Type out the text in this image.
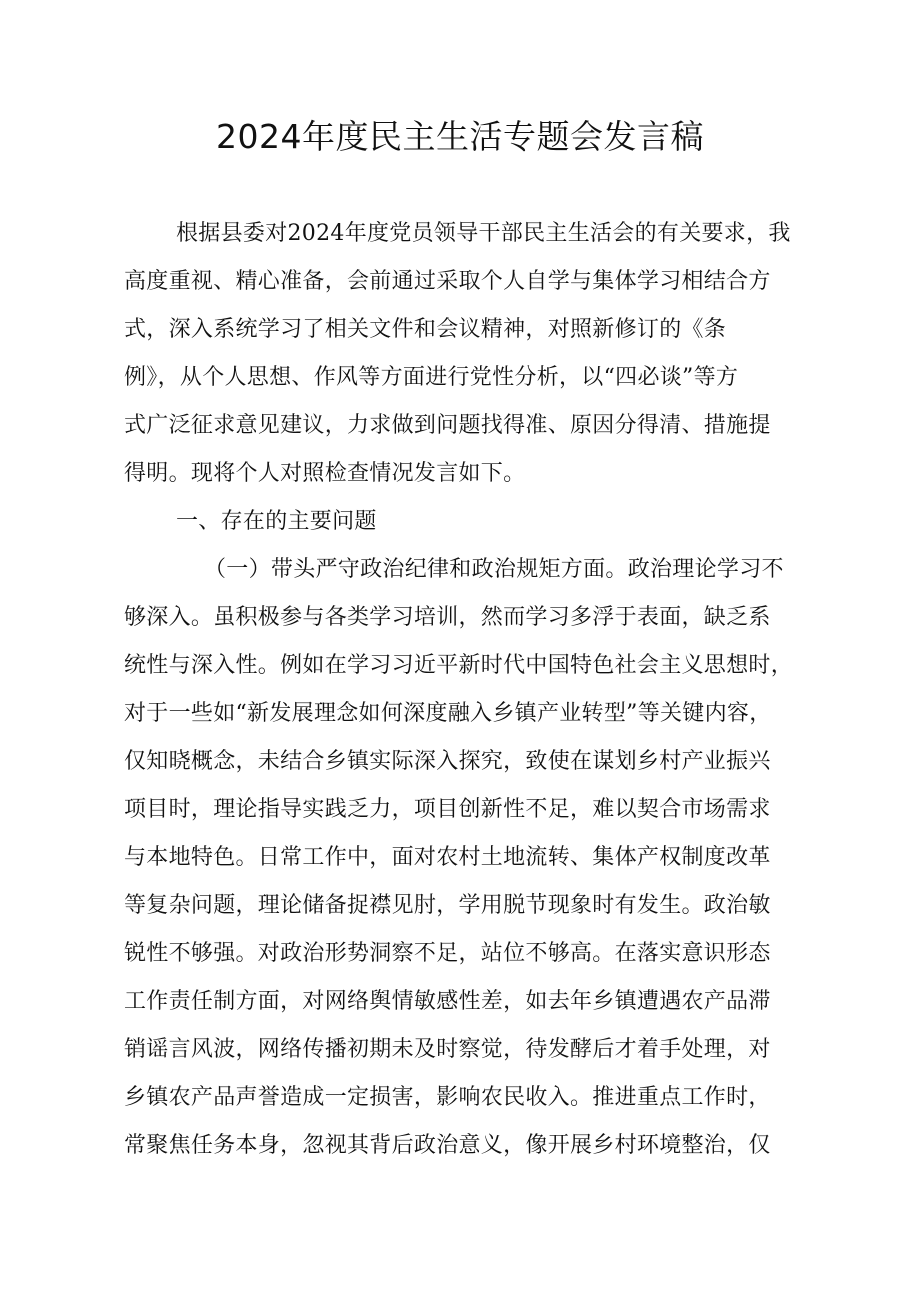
2024年度民主生活专题会发言稿
根据县委对2024年度党员领导干部民主生活会的有关要求，我
高度重视、精心准备，会前通过采取个人自学与集体学习相结合方
式，深入系统学习了相关文件和会议精神，对照新修订的《条
例》，从个人思想、作风等方面进行党性分析，以“四必谈”等方
式广泛征求意见建议，力求做到问题找得准、原因分得清、措施提
得明。现将个人对照检查情况发言如下。
一、存在的主要问题
（一）带头严守政治纪律和政治规矩方面。政治理论学习不
够深入。虽积极参与各类学习培训，然而学习多浮于表面，缺乏系
统性与深入性。例如在学习习近平新时代中国特色社会主义思想时，
对于一些如“新发展理念如何深度融入乡镇产业转型”等关键内容，
仅知晓概念，未结合乡镇实际深入探究，致使在谋划乡村产业振兴
项目时，理论指导实践乏力，项目创新性不足，难以契合市场需求
与本地特色。日常工作中，面对农村土地流转、集体产权制度改革
等复杂问题，理论储备捉襟见肘，学用脱节现象时有发生。政治敏
锐性不够强。对政治形势洞察不足，站位不够高。在落实意识形态
工作责任制方面，对网络舆情敏感性差，如去年乡镇遭遇农产品滞
销谣言风波，网络传播初期未及时察觉，待发酵后才着手处理，对
乡镇农产品声誉造成一定损害，影响农民收入。推进重点工作时，
常聚焦任务本身，忽视其背后政治意义，像开展乡村环境整治，仅
